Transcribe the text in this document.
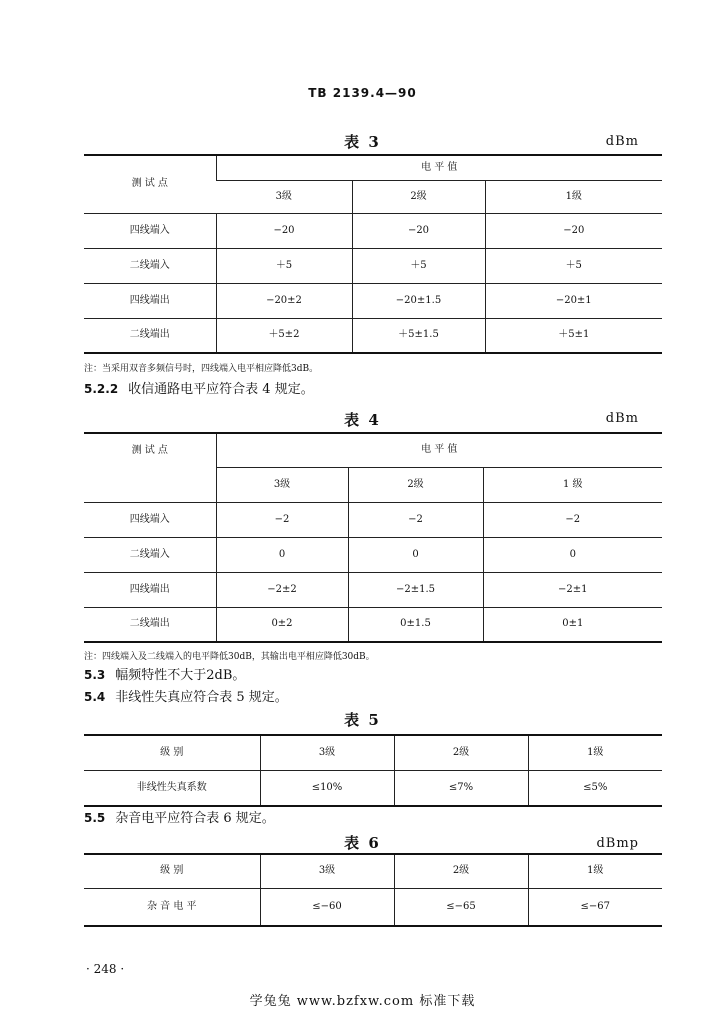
TB 2139.4—90
表 3	dBm
测 试 点	电 平 值		
	3级	2级	1级
四线端入	−20	−20	−20
二线端入	＋5	＋5	＋5
四线端出	−20±2	−20±1.5	−20±1
二线端出	＋5±2	＋5±1.5	＋5±1
注：当采用双音多频信号时，四线端入电平相应降低3dB。
5.2.2 收信通路电平应符合表 4 规定。
表 4	dBm
测 试 点	电 平 值		
	3级	2级	1 级
四线端入	−2	−2	−2
二线端入	0	0	0
四线端出	−2±2	−2±1.5	−2±1
二线端出	0±2	0±1.5	0±1
注：四线端入及二线端入的电平降低30dB，其输出电平相应降低30dB。
5.3 幅频特性不大于2dB。
5.4 非线性失真应符合表 5 规定。
表 5
级 别	3级	2级	1级
非线性失真系数	≤10%	≤7%	≤5%
5.5 杂音电平应符合表 6 规定。
表 6	dBmp
级 别	3级	2级	1级
杂 音 电 平	≤−60	≤−65	≤−67
· 248 ·
学兔兔 www.bzfxw.com 标准下载
